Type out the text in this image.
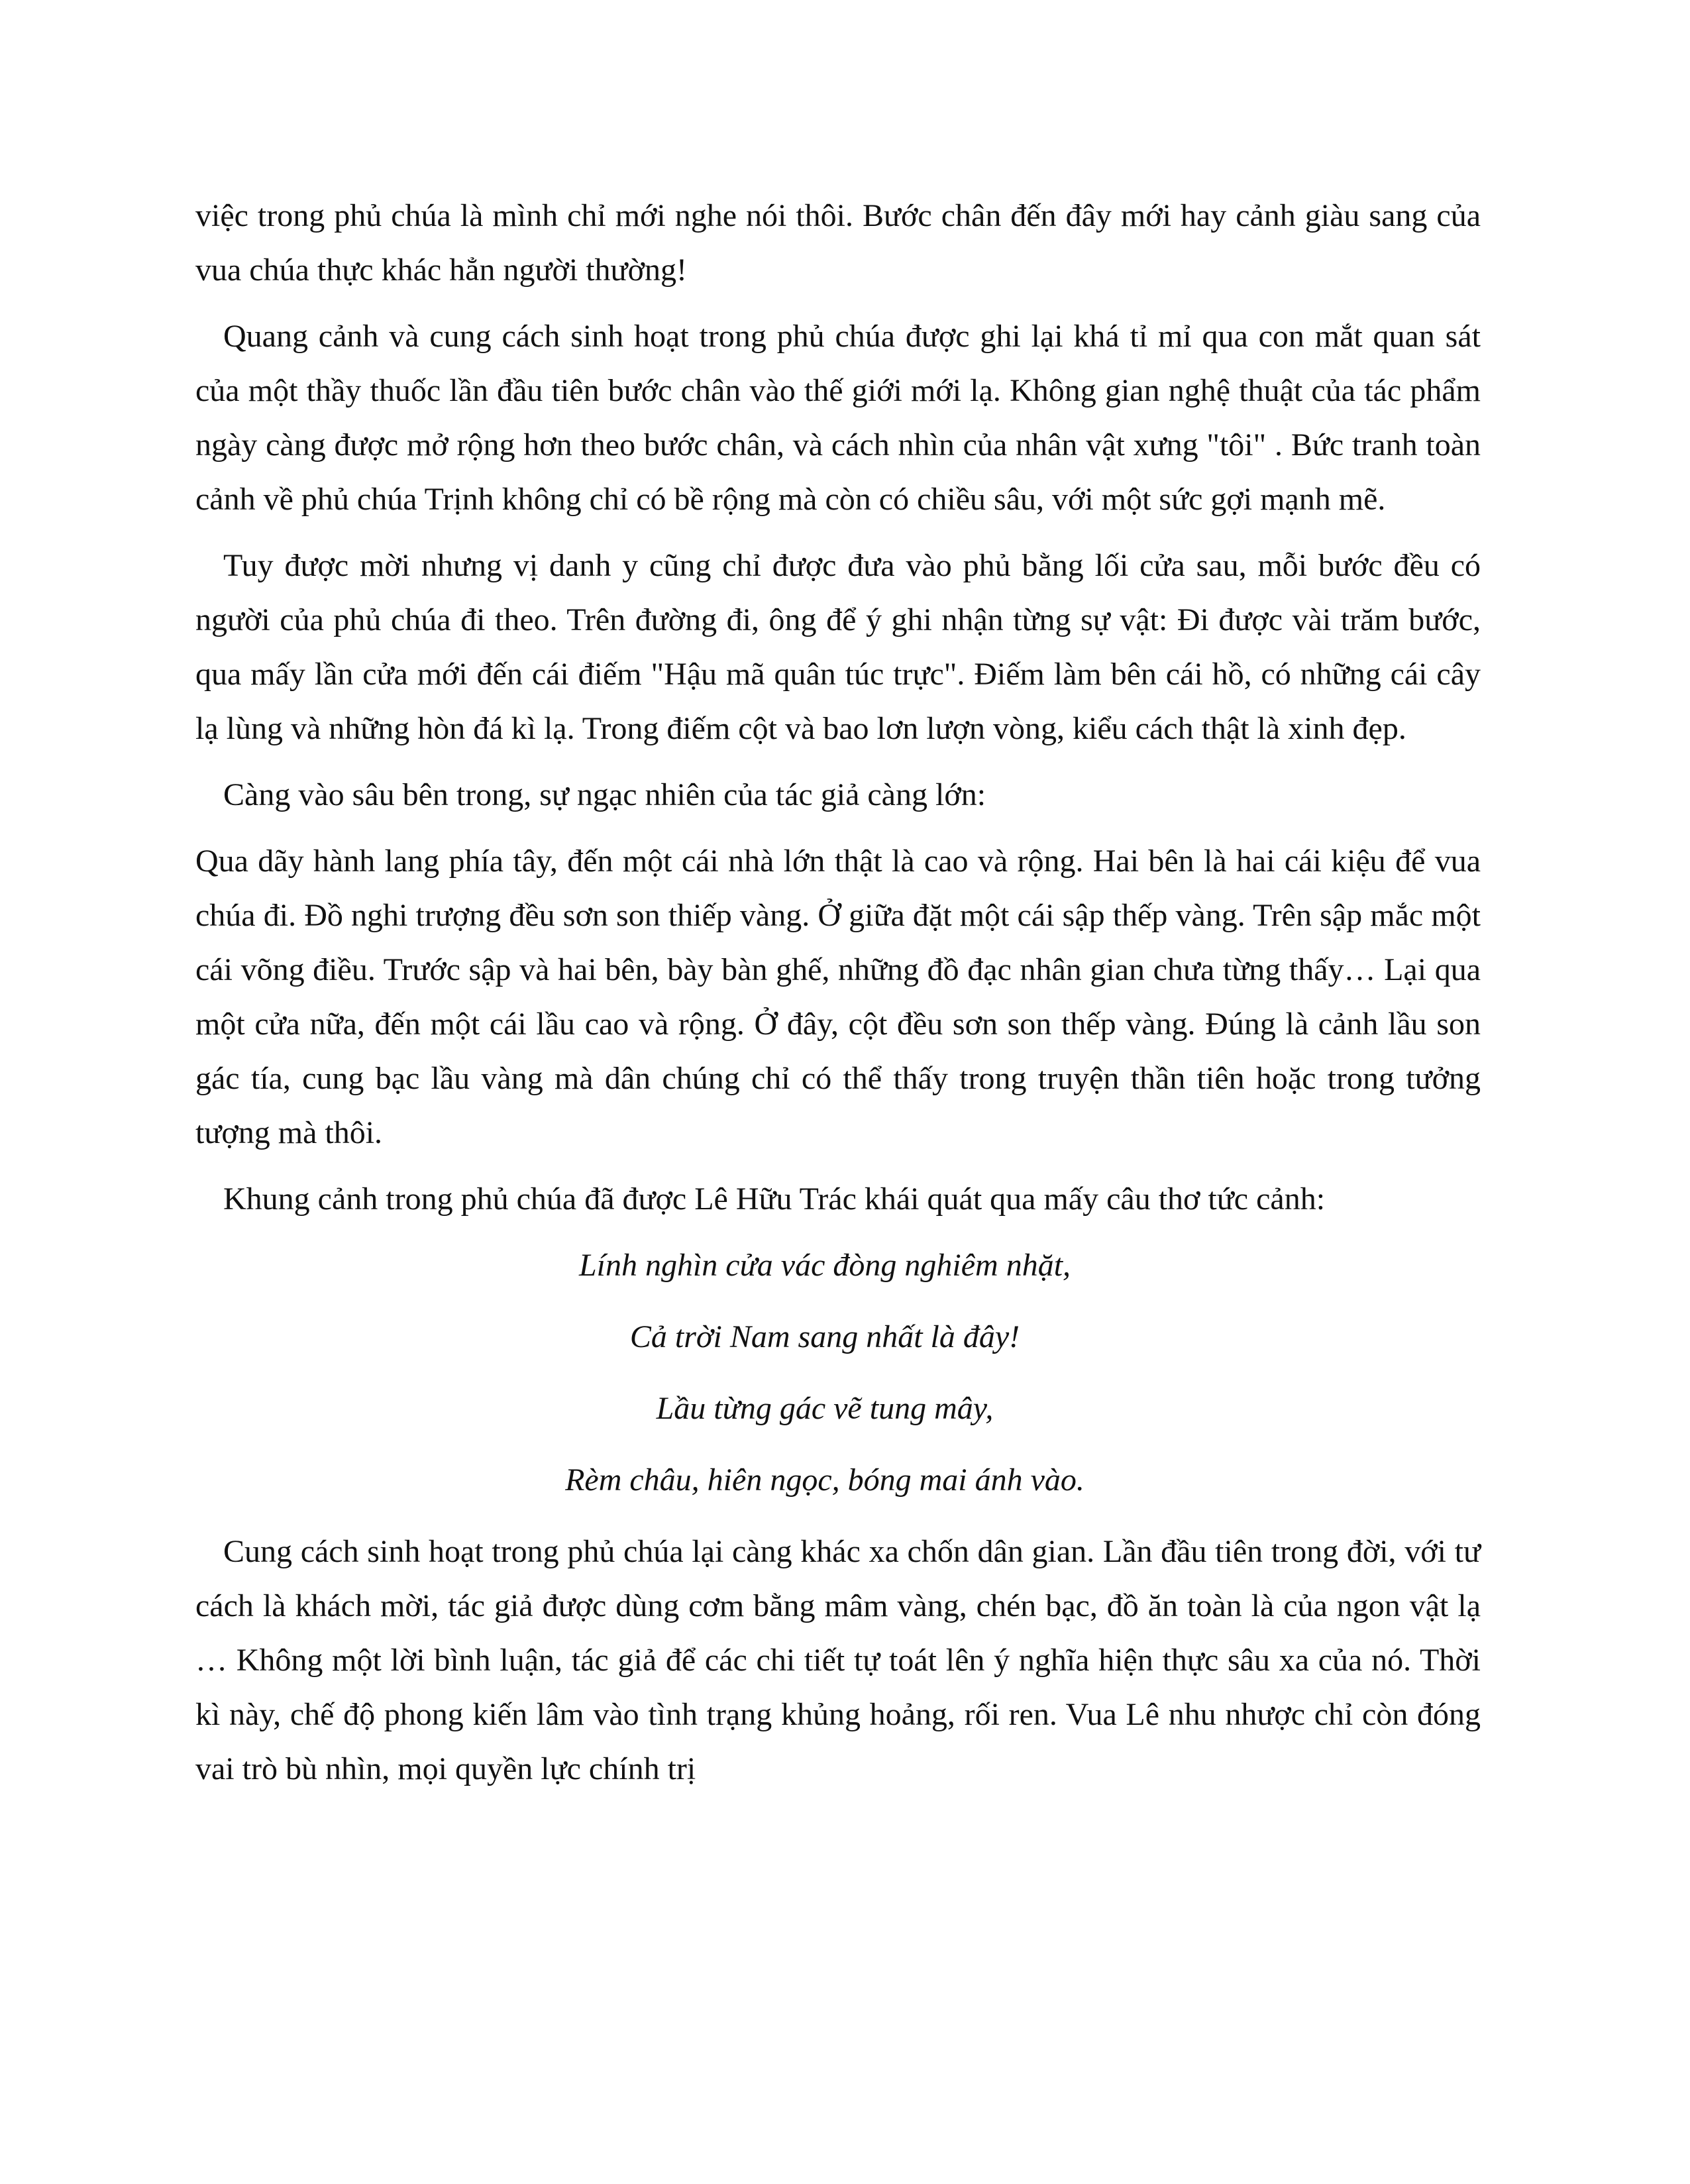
việc trong phủ chúa là mình chỉ mới nghe nói thôi. Bước chân đến đây mới hay cảnh giàu sang của vua chúa thực khác hẳn người thường!

Quang cảnh và cung cách sinh hoạt trong phủ chúa được ghi lại khá tỉ mỉ qua con mắt quan sát của một thầy thuốc lần đầu tiên bước chân vào thế giới mới lạ. Không gian nghệ thuật của tác phẩm ngày càng được mở rộng hơn theo bước chân, và cách nhìn của nhân vật xưng "tôi" . Bức tranh toàn cảnh về phủ chúa Trịnh không chỉ có bề rộng mà còn có chiều sâu, với một sức gợi mạnh mẽ.

Tuy được mời nhưng vị danh y cũng chỉ được đưa vào phủ bằng lối cửa sau, mỗi bước đều có người của phủ chúa đi theo. Trên đường đi, ông để ý ghi nhận từng sự vật: Đi được vài trăm bước, qua mấy lần cửa mới đến cái điếm "Hậu mã quân túc trực". Điếm làm bên cái hồ, có những cái cây lạ lùng và những hòn đá kì lạ. Trong điếm cột và bao lơn lượn vòng, kiểu cách thật là xinh đẹp.

Càng vào sâu bên trong, sự ngạc nhiên của tác giả càng lớn:

Qua dãy hành lang phía tây, đến một cái nhà lớn thật là cao và rộng. Hai bên là hai cái kiệu để vua chúa đi. Đồ nghi trượng đều sơn son thiếp vàng. Ở giữa đặt một cái sập thếp vàng. Trên sập mắc một cái võng điều. Trước sập và hai bên, bày bàn ghế, những đồ đạc nhân gian chưa từng thấy… Lại qua một cửa nữa, đến một cái lầu cao và rộng. Ở đây, cột đều sơn son thếp vàng. Đúng là cảnh lầu son gác tía, cung bạc lầu vàng mà dân chúng chỉ có thể thấy trong truyện thần tiên hoặc trong tưởng tượng mà thôi.

Khung cảnh trong phủ chúa đã được Lê Hữu Trác khái quát qua mấy câu thơ tức cảnh:

Lính nghìn cửa vác đòng nghiêm nhặt,
Cả trời Nam sang nhất là đây!
Lầu từng gác vẽ tung mây,
Rèm châu, hiên ngọc, bóng mai ánh vào.

Cung cách sinh hoạt trong phủ chúa lại càng khác xa chốn dân gian. Lần đầu tiên trong đời, với tư cách là khách mời, tác giả được dùng cơm bằng mâm vàng, chén bạc, đồ ăn toàn là của ngon vật lạ … Không một lời bình luận, tác giả để các chi tiết tự toát lên ý nghĩa hiện thực sâu xa của nó. Thời kì này, chế độ phong kiến lâm vào tình trạng khủng hoảng, rối ren. Vua Lê nhu nhược chỉ còn đóng vai trò bù nhìn, mọi quyền lực chính trị
